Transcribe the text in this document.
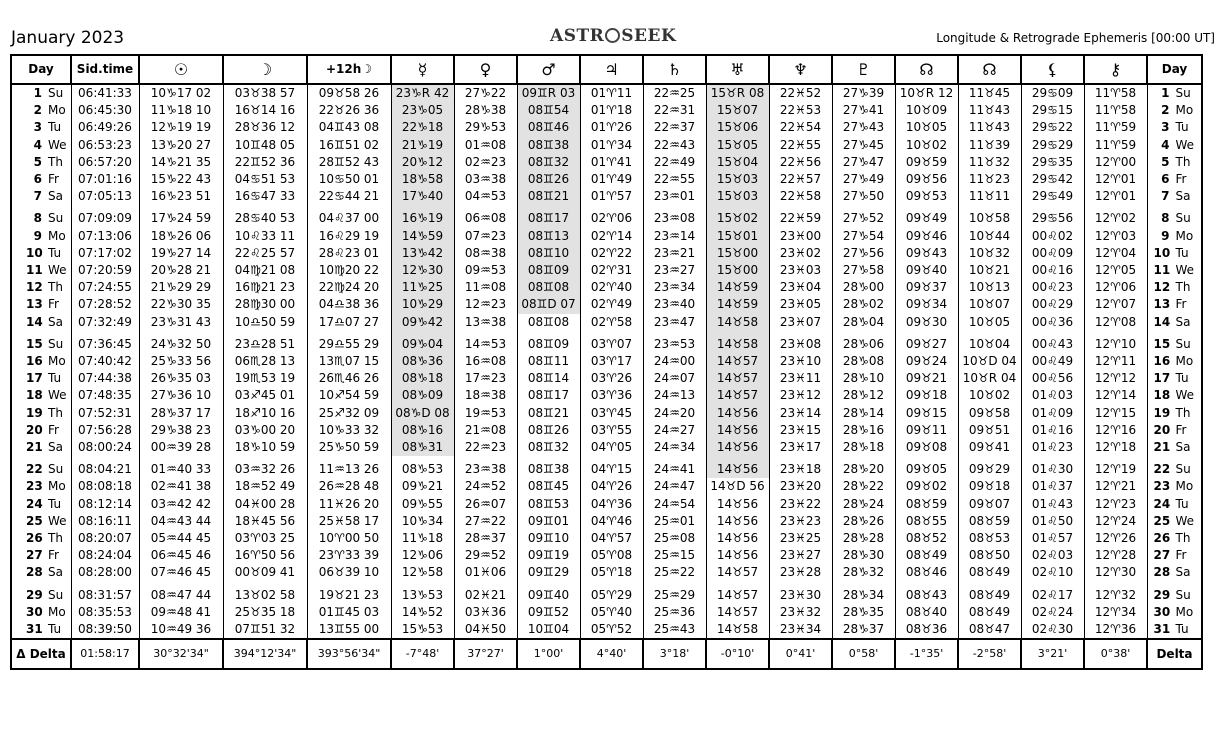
January 2023	ASTR SEEK	Longitude & Retrograde Ephemeris [00:00 UT]
Day	Sid.time	☉	☽	+12h☽	☿	♀	♂	♃	♄	♅	♆	♇	☊	☊	⚸	⚷	Day
1 Su	06:41:33	10♑17 02	03♉38 57	09♉58 26	23♑R 42	27♑22	09♊R 03	01♈11	22♒25	15♉R 08	22♓52	27♑39	10♉R 12	11♉45	29♋09	11♈58	1 Su
2 Mo	06:45:30	11♑18 10	16♉14 16	22♉26 36	23♑05	28♑38	08♊54	01♈18	22♒31	15♉07	22♓53	27♑41	10♉09	11♉43	29♋15	11♈58	2 Mo
3 Tu	06:49:26	12♑19 19	28♉36 12	04♊43 08	22♑18	29♑53	08♊46	01♈26	22♒37	15♉06	22♓54	27♑43	10♉05	11♉43	29♋22	11♈59	3 Tu
4 We	06:53:23	13♑20 27	10♊48 05	16♊51 02	21♑19	01♒08	08♊38	01♈34	22♒43	15♉05	22♓55	27♑45	10♉02	11♉39	29♋29	11♈59	4 We
5 Th	06:57:20	14♑21 35	22♊52 36	28♊52 43	20♑12	02♒23	08♊32	01♈41	22♒49	15♉04	22♓56	27♑47	09♉59	11♉32	29♋35	12♈00	5 Th
6 Fr	07:01:16	15♑22 43	04♋51 53	10♋50 01	18♑58	03♒38	08♊26	01♈49	22♒55	15♉03	22♓57	27♑49	09♉56	11♉23	29♋42	12♈01	6 Fr
7 Sa	07:05:13	16♑23 51	16♋47 33	22♋44 21	17♑40	04♒53	08♊21	01♈57	23♒01	15♉03	22♓58	27♑50	09♉53	11♉11	29♋49	12♈01	7 Sa

8 Su	07:09:09	17♑24 59	28♋40 53	04♌37 00	16♑19	06♒08	08♊17	02♈06	23♒08	15♉02	22♓59	27♑52	09♉49	10♉58	29♋56	12♈02	8 Su
9 Mo	07:13:06	18♑26 06	10♌33 11	16♌29 19	14♑59	07♒23	08♊13	02♈14	23♒14	15♉01	23♓00	27♑54	09♉46	10♉44	00♌02	12♈03	9 Mo
10 Tu	07:17:02	19♑27 14	22♌25 57	28♌23 01	13♑42	08♒38	08♊10	02♈22	23♒21	15♉00	23♓02	27♑56	09♉43	10♉32	00♌09	12♈04	10 Tu
11 We	07:20:59	20♑28 21	04♍21 08	10♍20 22	12♑30	09♒53	08♊09	02♈31	23♒27	15♉00	23♓03	27♑58	09♉40	10♉21	00♌16	12♈05	11 We
12 Th	07:24:55	21♑29 29	16♍21 23	22♍24 20	11♑25	11♒08	08♊08	02♈40	23♒34	14♉59	23♓04	28♑00	09♉37	10♉13	00♌23	12♈06	12 Th
13 Fr	07:28:52	22♑30 35	28♍30 00	04♎38 36	10♑29	12♒23	08♊D 07	02♈49	23♒40	14♉59	23♓05	28♑02	09♉34	10♉07	00♌29	12♈07	13 Fr
14 Sa	07:32:49	23♑31 43	10♎50 59	17♎07 27	09♑42	13♒38	08♊08	02♈58	23♒47	14♉58	23♓07	28♑04	09♉30	10♉05	00♌36	12♈08	14 Sa

15 Su	07:36:45	24♑32 50	23♎28 51	29♎55 29	09♑04	14♒53	08♊09	03♈07	23♒53	14♉58	23♓08	28♑06	09♉27	10♉04	00♌43	12♈10	15 Su
16 Mo	07:40:42	25♑33 56	06♏28 13	13♏07 15	08♑36	16♒08	08♊11	03♈17	24♒00	14♉57	23♓10	28♑08	09♉24	10♉D 04	00♌49	12♈11	16 Mo
17 Tu	07:44:38	26♑35 03	19♏53 19	26♏46 26	08♑18	17♒23	08♊14	03♈26	24♒07	14♉57	23♓11	28♑10	09♉21	10♉R 04	00♌56	12♈12	17 Tu
18 We	07:48:35	27♑36 10	03♐45 01	10♐54 59	08♑09	18♒38	08♊17	03♈36	24♒13	14♉57	23♓12	28♑12	09♉18	10♉02	01♌03	12♈14	18 We
19 Th	07:52:31	28♑37 17	18♐10 16	25♐32 09	08♑D 08	19♒53	08♊21	03♈45	24♒20	14♉56	23♓14	28♑14	09♉15	09♉58	01♌09	12♈15	19 Th
20 Fr	07:56:28	29♑38 23	03♑00 20	10♑33 32	08♑16	21♒08	08♊26	03♈55	24♒27	14♉56	23♓15	28♑16	09♉11	09♉51	01♌16	12♈16	20 Fr
21 Sa	08:00:24	00♒39 28	18♑10 59	25♑50 59	08♑31	22♒23	08♊32	04♈05	24♒34	14♉56	23♓17	28♑18	09♉08	09♉41	01♌23	12♈18	21 Sa

22 Su	08:04:21	01♒40 33	03♒32 26	11♒13 26	08♑53	23♒38	08♊38	04♈15	24♒41	14♉56	23♓18	28♑20	09♉05	09♉29	01♌30	12♈19	22 Su
23 Mo	08:08:18	02♒41 38	18♒52 49	26♒28 48	09♑21	24♒52	08♊45	04♈26	24♒47	14♉D 56	23♓20	28♑22	09♉02	09♉18	01♌37	12♈21	23 Mo
24 Tu	08:12:14	03♒42 42	04♓00 28	11♓26 20	09♑55	26♒07	08♊53	04♈36	24♒54	14♉56	23♓22	28♑24	08♉59	09♉07	01♌43	12♈23	24 Tu
25 We	08:16:11	04♒43 44	18♓45 56	25♓58 17	10♑34	27♒22	09♊01	04♈46	25♒01	14♉56	23♓23	28♑26	08♉55	08♉59	01♌50	12♈24	25 We
26 Th	08:20:07	05♒44 45	03♈03 25	10♈00 50	11♑18	28♒37	09♊10	04♈57	25♒08	14♉56	23♓25	28♑28	08♉52	08♉53	01♌57	12♈26	26 Th
27 Fr	08:24:04	06♒45 46	16♈50 56	23♈33 39	12♑06	29♒52	09♊19	05♈08	25♒15	14♉56	23♓27	28♑30	08♉49	08♉50	02♌03	12♈28	27 Fr
28 Sa	08:28:00	07♒46 45	00♉09 41	06♉39 10	12♑58	01♓06	09♊29	05♈18	25♒22	14♉57	23♓28	28♑32	08♉46	08♉49	02♌10	12♈30	28 Sa

29 Su	08:31:57	08♒47 44	13♉02 58	19♉21 23	13♑53	02♓21	09♊40	05♈29	25♒29	14♉57	23♓30	28♑34	08♉43	08♉49	02♌17	12♈32	29 Su
30 Mo	08:35:53	09♒48 41	25♉35 18	01♊45 03	14♑52	03♓36	09♊52	05♈40	25♒36	14♉57	23♓32	28♑35	08♉40	08♉49	02♌24	12♈34	30 Mo
31 Tu	08:39:50	10♒49 36	07♊51 32	13♊55 00	15♑53	04♓50	10♊04	05♈52	25♒43	14♉58	23♓34	28♑37	08♉36	08♉47	02♌30	12♈36	31 Tu
Δ Delta	01:58:17	30°32'34"	394°12'34"	393°56'34"	-7°48'	37°27'	1°00'	4°40'	3°18'	-0°10'	0°41'	0°58'	-1°35'	-2°58'	3°21'	0°38'	Delta
